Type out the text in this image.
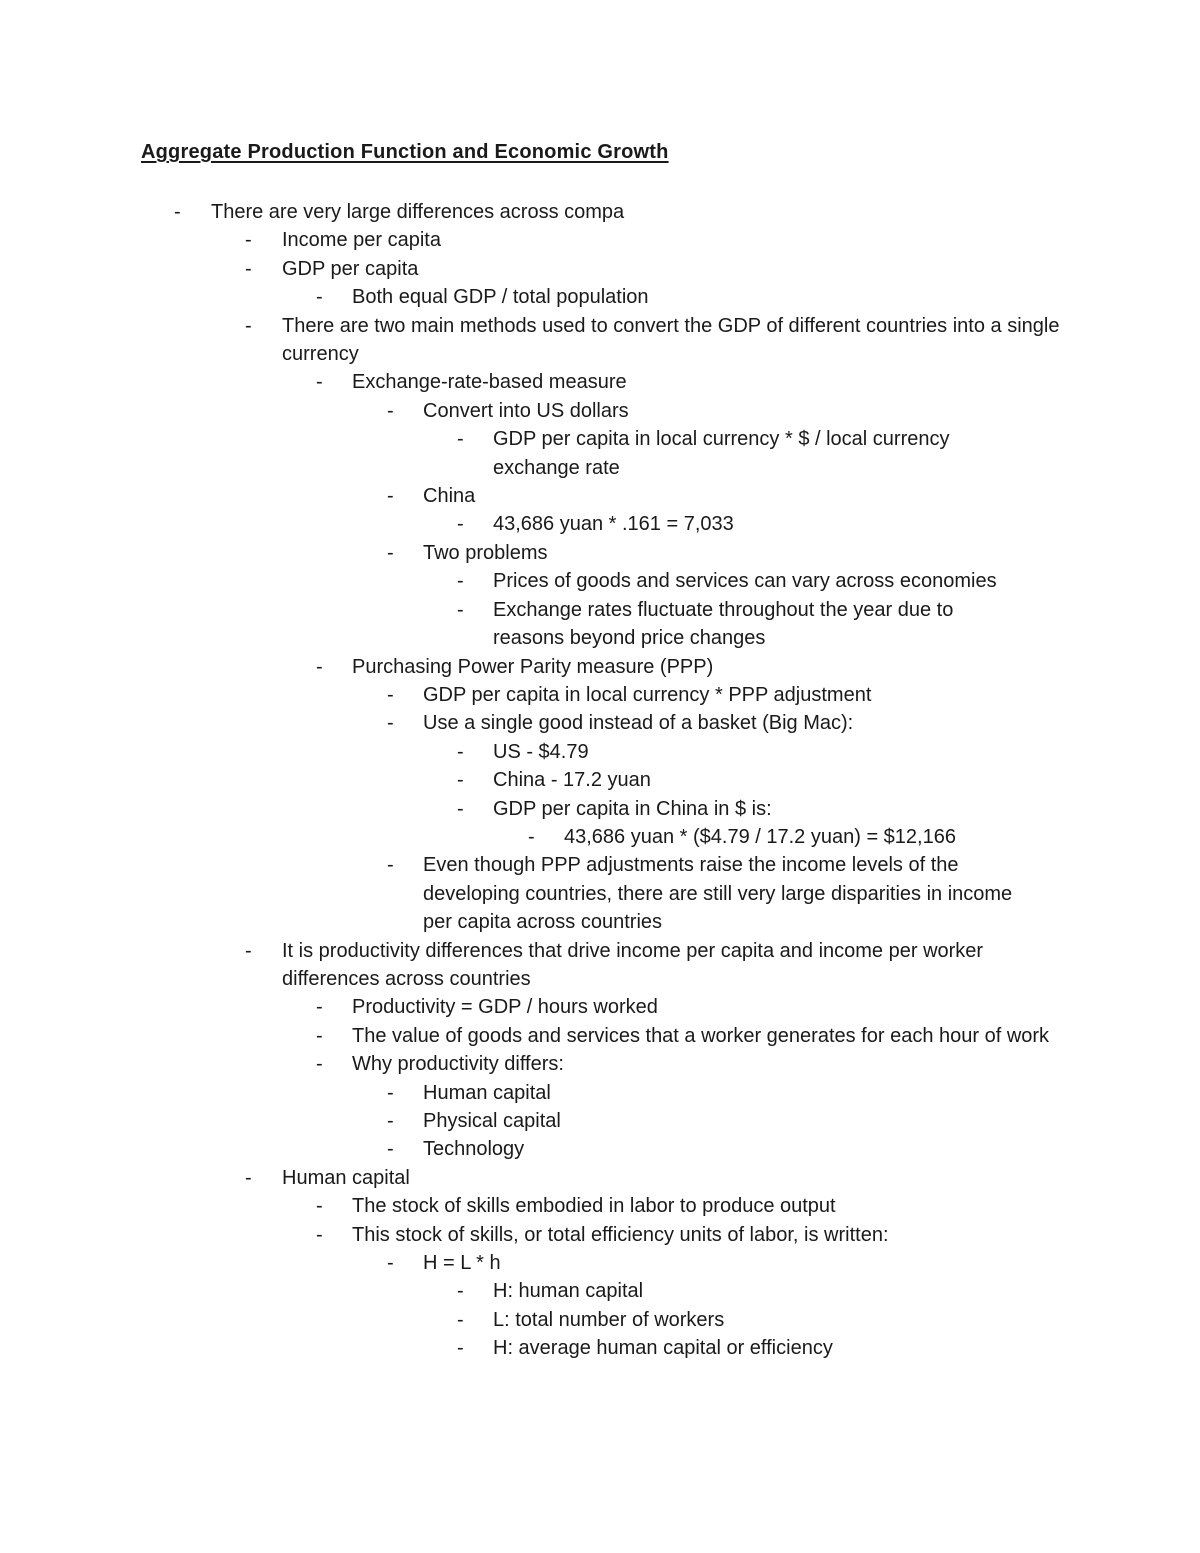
Aggregate Production Function and Economic Growth
- There are very large differences across compa
- Income per capita
- GDP per capita
- Both equal GDP / total population
- There are two main methods used to convert the GDP of different countries into a single currency
- Exchange-rate-based measure
- Convert into US dollars
- GDP per capita in local currency * $ / local currency exchange rate
- China
- 43,686 yuan * .161 = 7,033
- Two problems
- Prices of goods and services can vary across economies
- Exchange rates fluctuate throughout the year due to reasons beyond price changes
- Purchasing Power Parity measure (PPP)
- GDP per capita in local currency * PPP adjustment
- Use a single good instead of a basket (Big Mac):
- US - $4.79
- China - 17.2 yuan
- GDP per capita in China in $ is:
- 43,686 yuan * ($4.79 / 17.2 yuan) = $12,166
- Even though PPP adjustments raise the income levels of the developing countries, there are still very large disparities in income per capita across countries
- It is productivity differences that drive income per capita and income per worker differences across countries
- Productivity = GDP / hours worked
- The value of goods and services that a worker generates for each hour of work
- Why productivity differs:
- Human capital
- Physical capital
- Technology
- Human capital
- The stock of skills embodied in labor to produce output
- This stock of skills, or total efficiency units of labor, is written:
- H = L * h
- H: human capital
- L: total number of workers
- H: average human capital or efficiency
